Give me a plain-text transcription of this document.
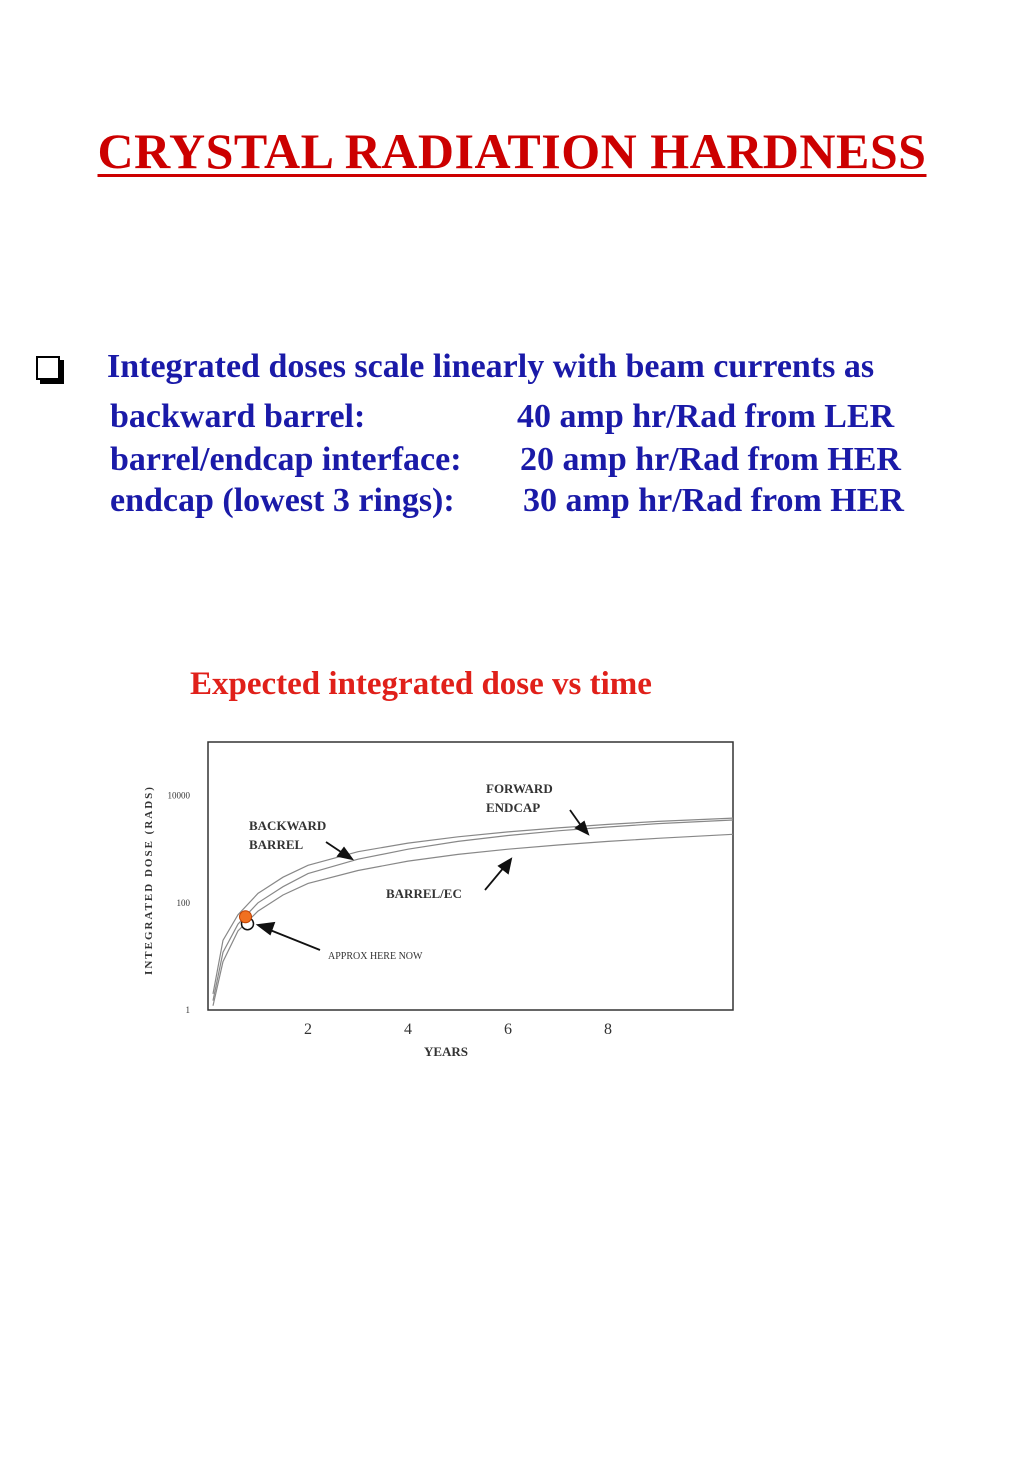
CRYSTAL RADIATION HARDNESS
Integrated doses scale linearly with beam currents as
backward barrel:	40 amp hr/Rad from LER
barrel/endcap interface: 20 amp hr/Rad from HER
endcap (lowest 3 rings): 30 amp hr/Rad from HER
Expected integrated dose vs time
2	4	6	8
1
100
10000
INTEGRATED DOSE (RADS)
YEARS
FORWARD ENDCAP
BACKWARD BARREL
BARREL/EC
APPROX HERE NOW
